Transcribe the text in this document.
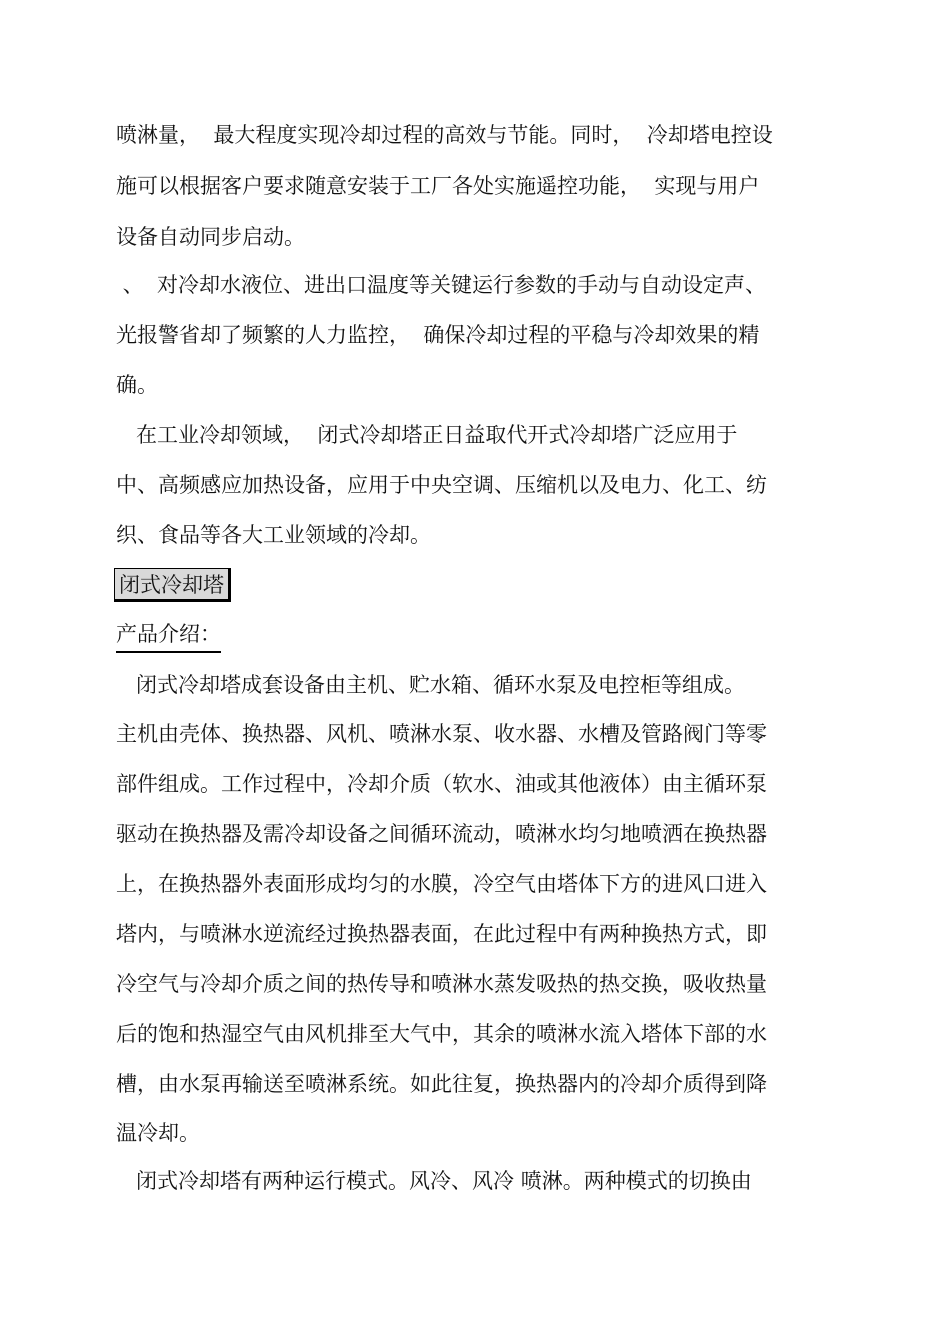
喷淋量，  最大程度实现冷却过程的高效与节能。同时，  冷却塔电控设
施可以根据客户要求随意安装于工厂各处实施遥控功能，  实现与用户
设备自动同步启动。
、  对冷却水液位、进出口温度等关键运行参数的手动与自动设定声、
光报警省却了频繁的人力监控，  确保冷却过程的平稳与冷却效果的精
确。
在工业冷却领域，  闭式冷却塔正日益取代开式冷却塔广泛应用于
中、高频感应加热设备，应用于中央空调、压缩机以及电力、化工、纺
织、食品等各大工业领域的冷却。
闭式冷却塔
产品介绍：
闭式冷却塔成套设备由主机、贮水箱、循环水泵及电控柜等组成。
主机由壳体、换热器、风机、喷淋水泵、收水器、水槽及管路阀门等零
部件组成。工作过程中，冷却介质（软水、油或其他液体）由主循环泵
驱动在换热器及需冷却设备之间循环流动，喷淋水均匀地喷洒在换热器
上，在换热器外表面形成均匀的水膜，冷空气由塔体下方的进风口进入
塔内，与喷淋水逆流经过换热器表面，在此过程中有两种换热方式，即
冷空气与冷却介质之间的热传导和喷淋水蒸发吸热的热交换，吸收热量
后的饱和热湿空气由风机排至大气中，其余的喷淋水流入塔体下部的水
槽，由水泵再输送至喷淋系统。如此往复，换热器内的冷却介质得到降
温冷却。
闭式冷却塔有两种运行模式。风冷、风冷 喷淋。两种模式的切换由
